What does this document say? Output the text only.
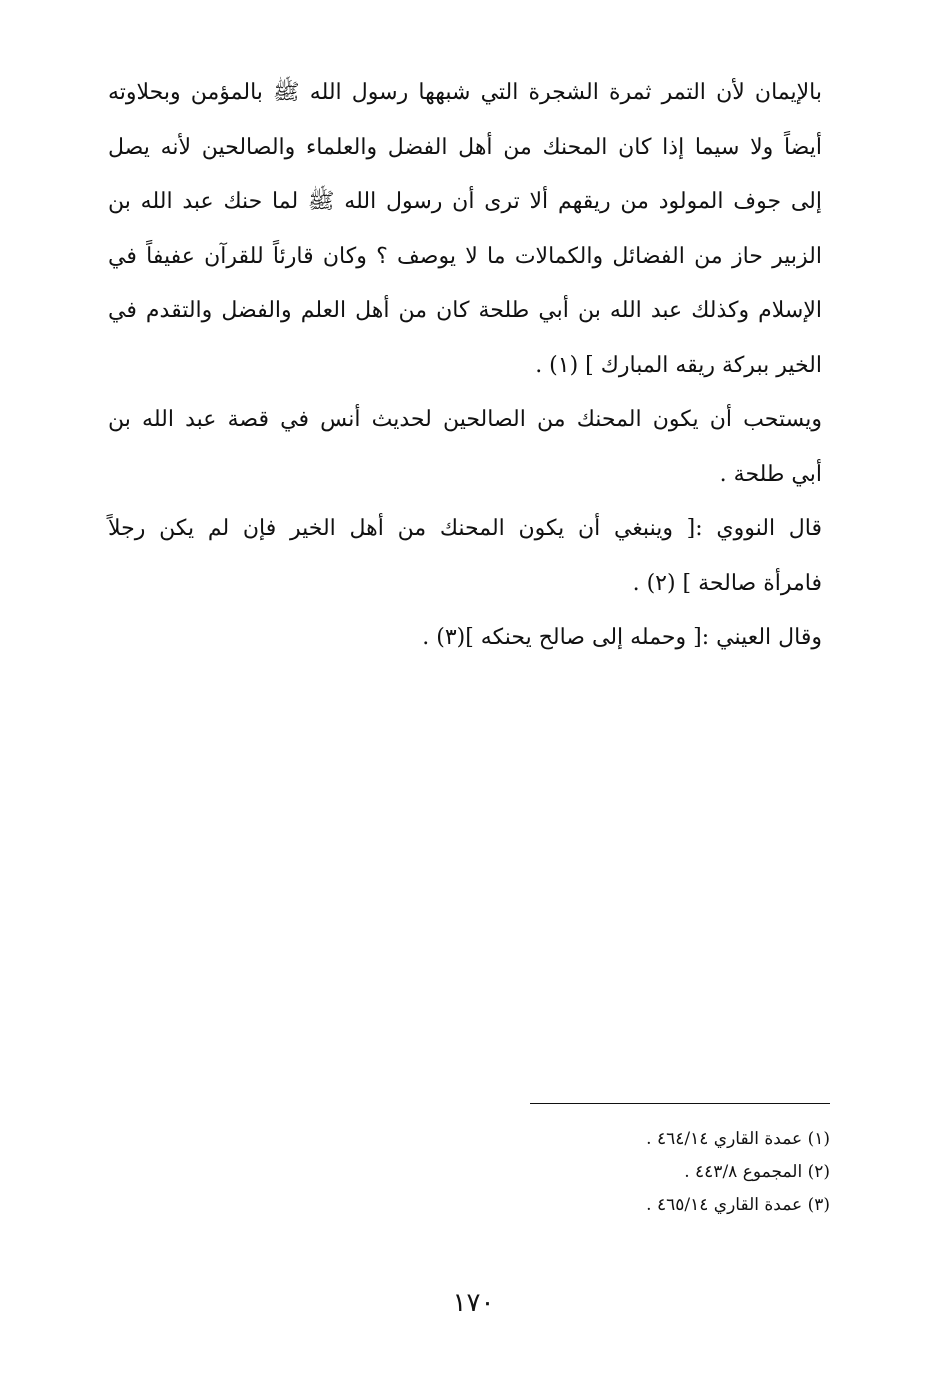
بالإيمان لأن التمر ثمرة الشجرة التي شبهها رسول الله ﷺ بالمؤمن وبحلاوته
أيضاً ولا سيما إذا كان المحنك من أهل الفضل والعلماء والصالحين لأنه يصل
إلى جوف المولود من ريقهم ألا ترى أن رسول الله ﷺ لما حنك عبد الله بن
الزبير حاز من الفضائل والكمالات ما لا يوصف ؟ وكان قارئاً للقرآن عفيفاً في
الإسلام وكذلك عبد الله بن أبي طلحة كان من أهل العلم والفضل والتقدم في
الخير ببركة ريقه المبارك ] (١) .

ويستحب أن يكون المحنك من الصالحين لحديث أنس في قصة عبد الله بن
أبي طلحة .

قال النووي :[ وينبغي أن يكون المحنك من أهل الخير فإن لم يكن رجلاً
فامرأة صالحة ] (٢) .

وقال العيني :[ وحمله إلى صالح يحنكه ](٣) .

(١) عمدة القاري ٤٦٤/١٤ .
(٢) المجموع ٤٤٣/٨ .
(٣) عمدة القاري ٤٦٥/١٤ .
١٧٠
